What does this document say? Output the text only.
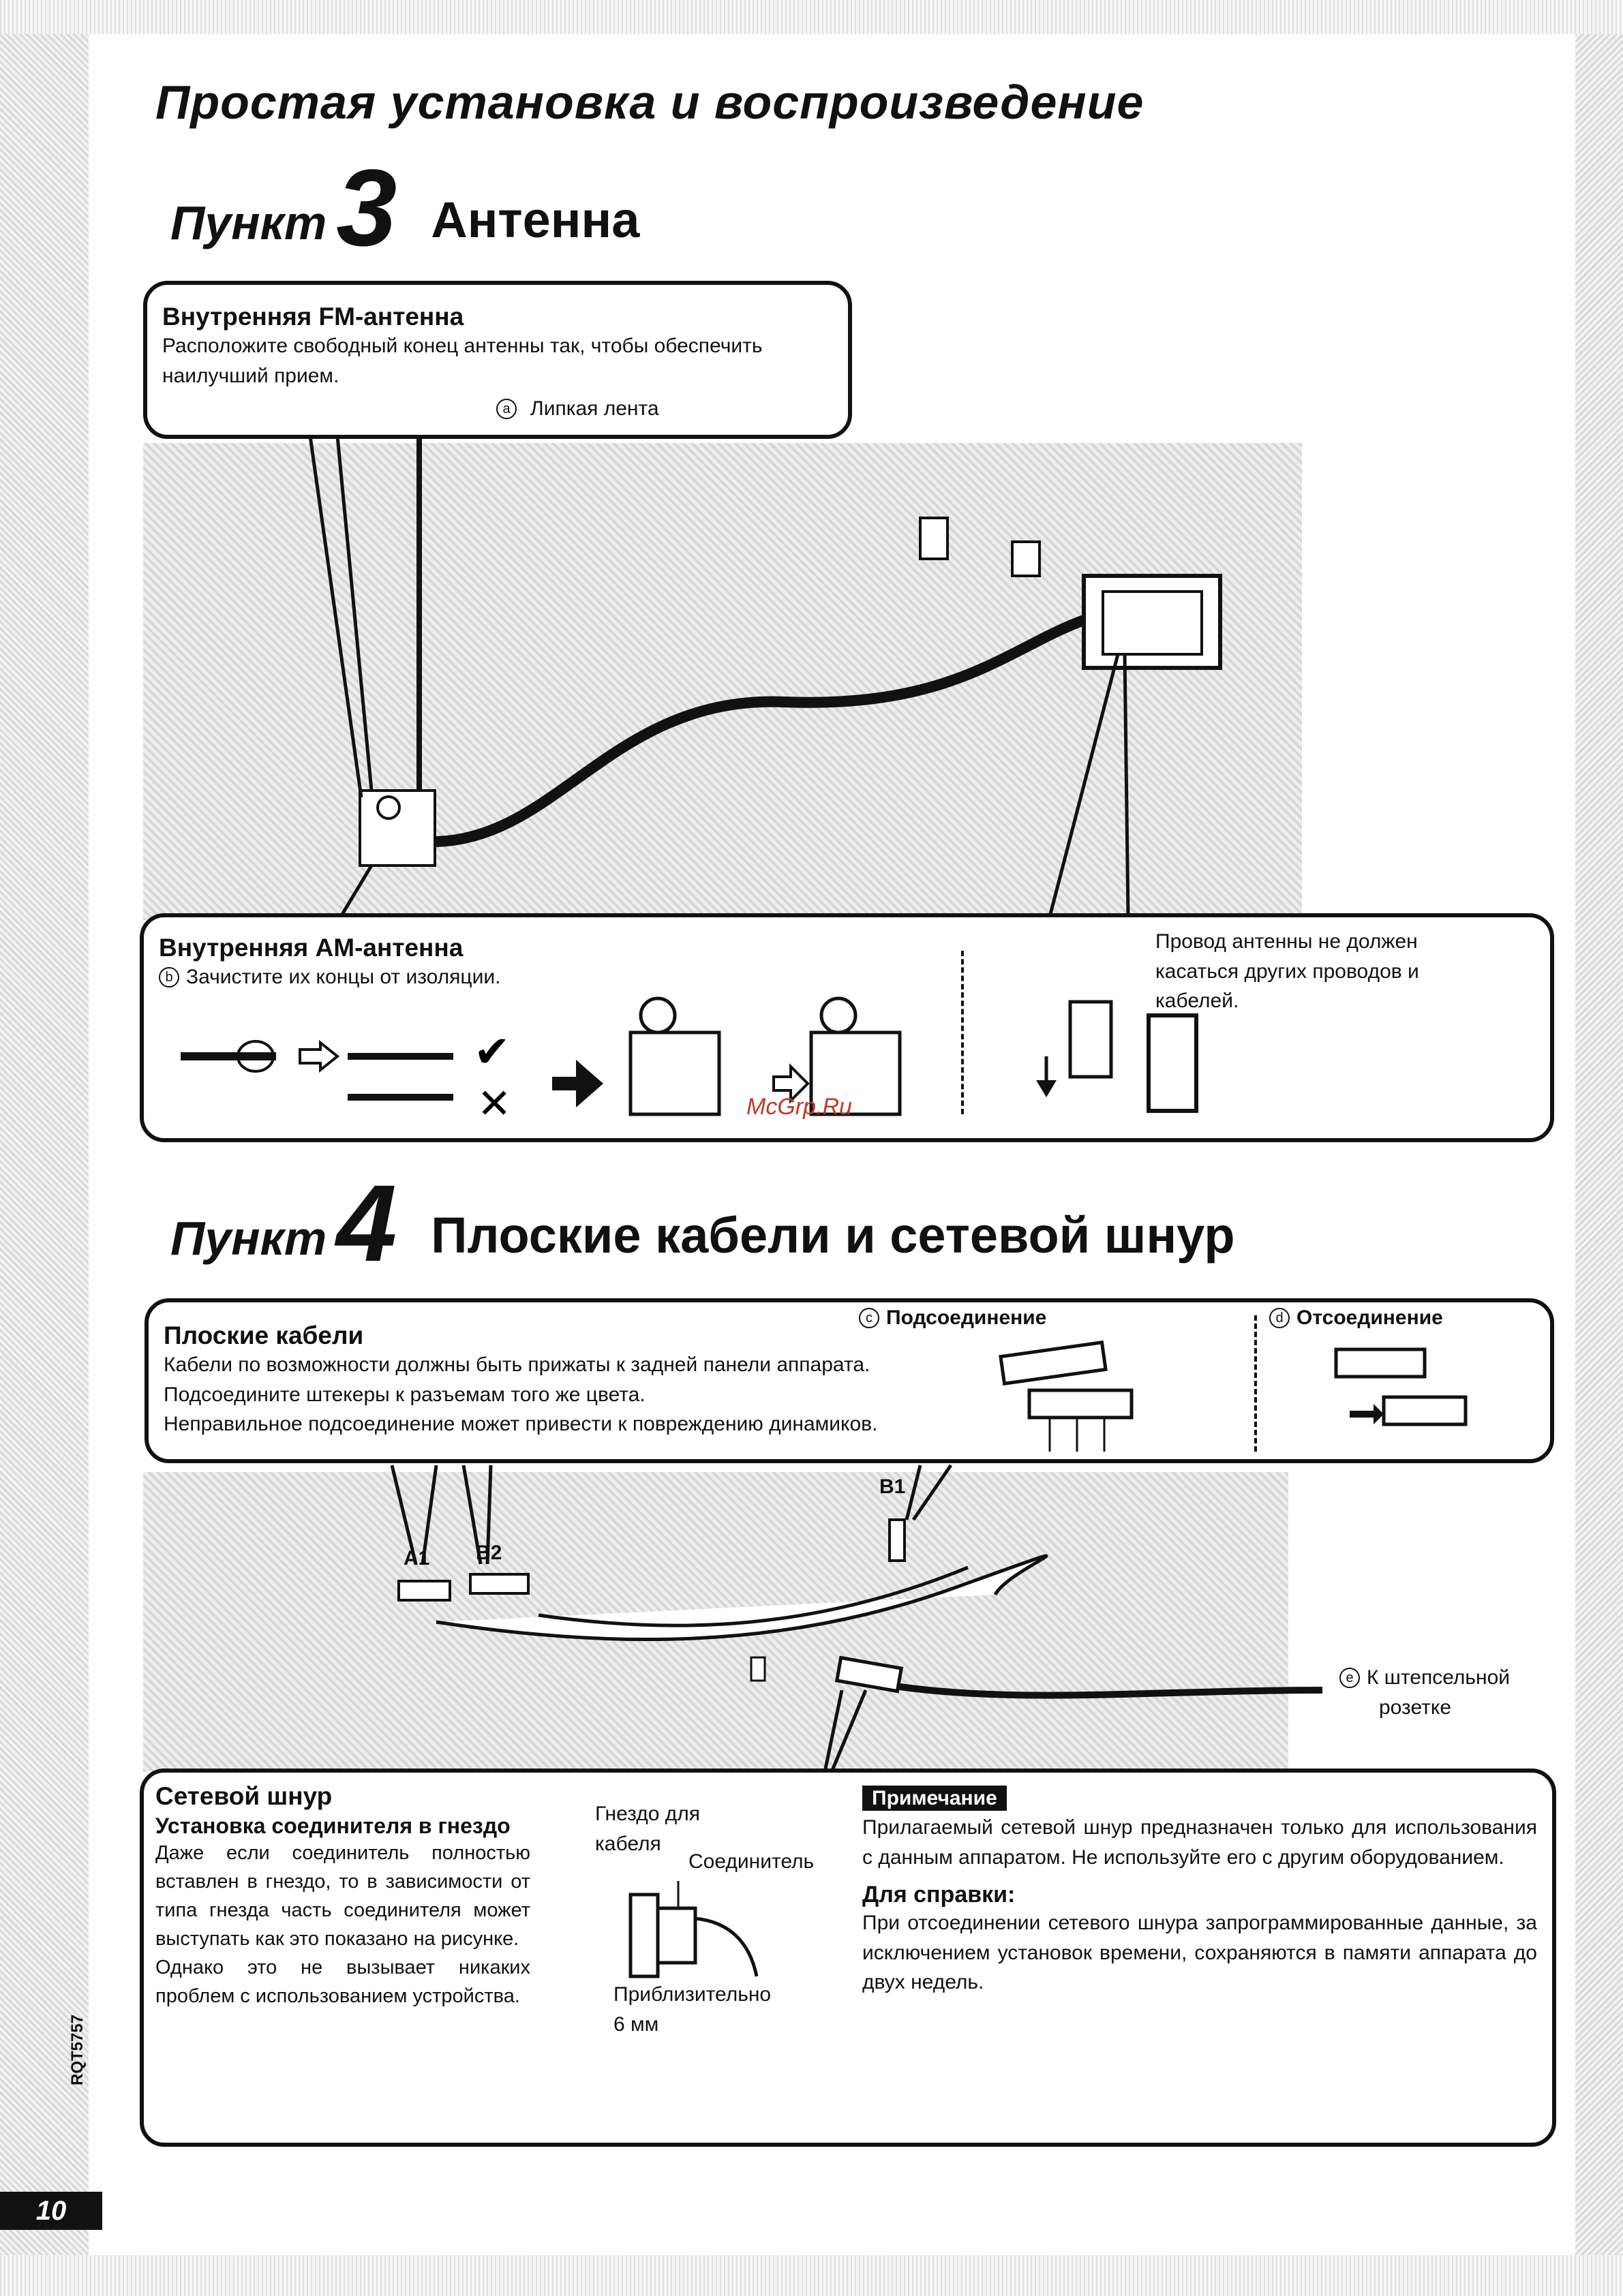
Простая установка и воспроизведение
Пункт 3 Антенна
Внутренняя FM-антенна
Расположите свободный конец антенны так, чтобы обеспечить наилучший прием.
a Липкая лента
Внутренняя АМ-антенна
b Зачистите их концы от изоляции.
Провод антенны не должен касаться других проводов и кабелей.
✔
✕	McGrp.Ru
Пункт 4 Плоские кабели и сетевой шнур
Плоские кабели
Кабели по возможности должны быть прижаты к задней панели аппарата.
Подсоедините штекеры к разъемам того же цвета.
Неправильное подсоединение может привести к повреждению динамиков.
c Подсоединение	d Отсоединение
A1 B2
B1
e К штепсельной
розетке
Сетевой шнур
Установка соединителя в гнездо
Даже если соединитель полностью вставлен в гнездо, то в зависимости от типа гнезда часть соединителя может выступать как это показано на рисунке.
Однако это не вызывает никаких проблем с использованием устройства.
Гнездо для
кабеля
Соединитель
Приблизительно
6 мм
Примечание
Прилагаемый сетевой шнур предназначен только для использования с данным аппаратом. Не используйте его с другим оборудованием.
Для справки:
При отсоединении сетевого шнура запрограммированные данные, за исключением установок времени, сохраняются в памяти аппарата до двух недель.
RQT5757
10
